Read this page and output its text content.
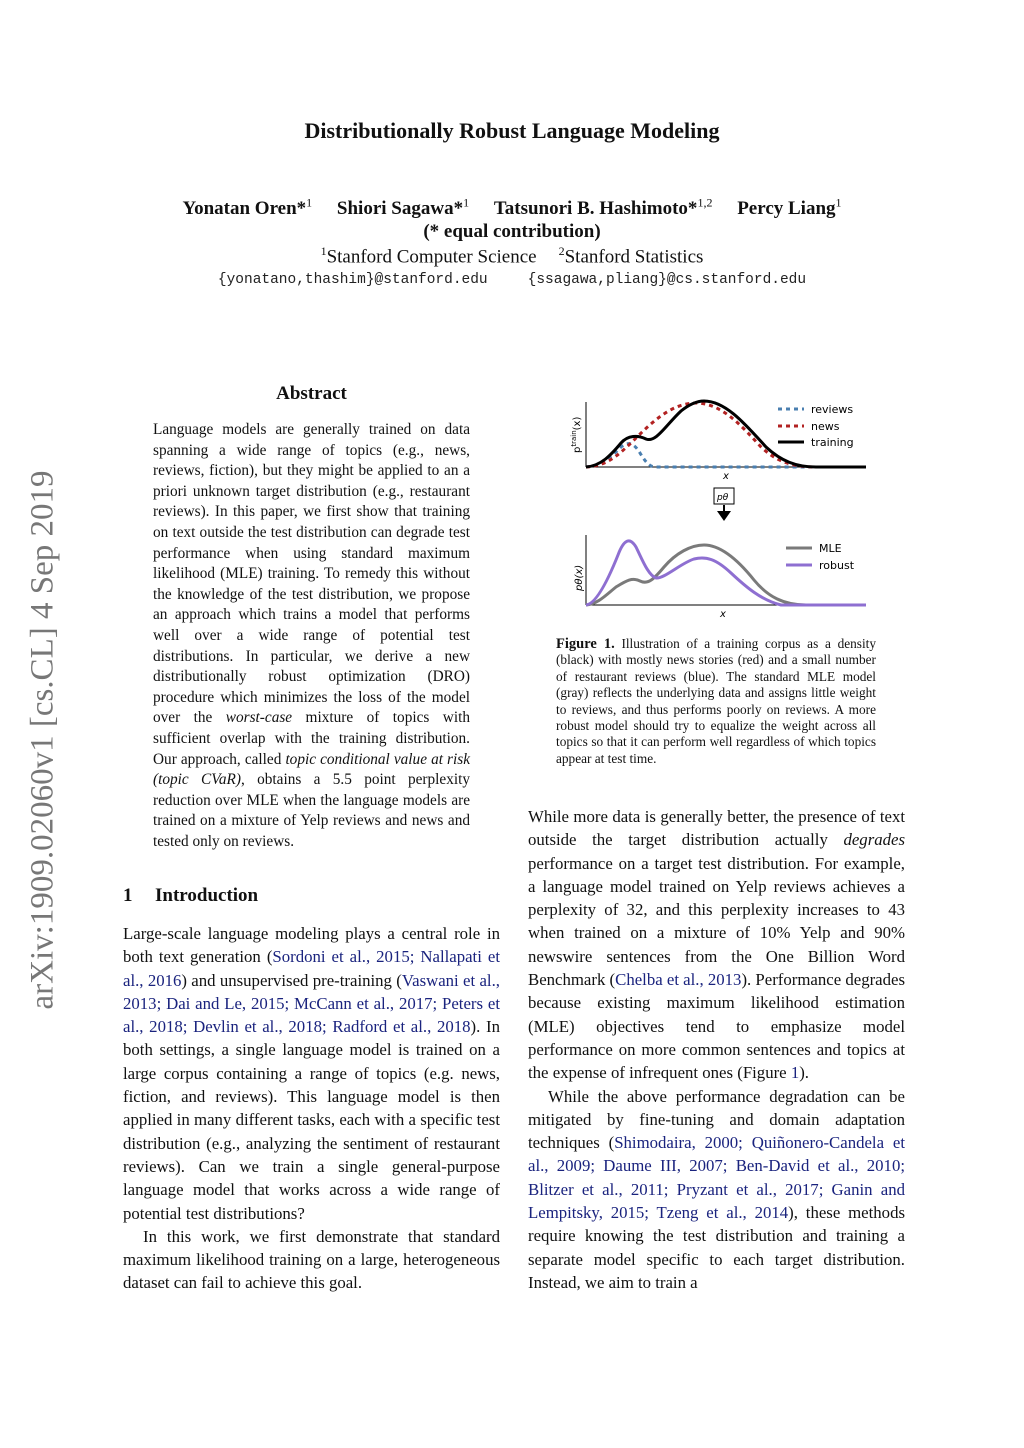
Distributionally Robust Language Modeling
Yonatan Oren*$^1$ Shiori Sagawa*$^1$ Tatsunori B. Hashimoto*$^{1,2}$ Percy Liang$^1$
(* equal contribution)
$^1$Stanford Computer Science $^2$Stanford Statistics
{yonatano,thashim}@stanford.edu	{ssagawa,pliang}@cs.stanford.edu
arXiv:1909.02060v1 [cs.CL] 4 Sep 2019
Abstract
Language models are generally trained on data spanning a wide range of topics (e.g., news, reviews, fiction), but they might be applied to an a priori unknown target distribution (e.g., restaurant reviews). In this paper, we first show that training on text outside the test distribution can degrade test performance when using standard maximum likelihood (MLE) training. To remedy this without the knowledge of the test distribution, we propose an approach which trains a model that performs well over a wide range of potential test distributions. In particular, we derive a new distributionally robust optimization (DRO) procedure which minimizes the loss of the model over the worst-case mixture of topics with sufficient overlap with the training distribution. Our approach, called topic conditional value at risk (topic CVaR), obtains a 5.5 point perplexity reduction over MLE when the language models are trained on a mixture of Yelp reviews and news and tested only on reviews.
1 Introduction

Large-scale language modeling plays a central role in both text generation (Sordoni et al., 2015; Nallapati et al., 2016) and unsupervised pre-training (Vaswani et al., 2013; Dai and Le, 2015; McCann et al., 2017; Peters et al., 2018; Devlin et al., 2018; Radford et al., 2018). In both settings, a single language model is trained on a large corpus containing a range of topics (e.g. news, fiction, and reviews). This language model is then applied in many different tasks, each with a specific test distribution (e.g., analyzing the sentiment of restaurant reviews). Can we train a single general-purpose language model that works across a wide range of potential test distributions?

In this work, we first demonstrate that standard maximum likelihood training on a large, heterogeneous dataset can fail to achieve this goal.

$p^{train}(x)$
x
reviews
news
training
pθ
pθ(x)
x
MLE
robust
Figure 1. Illustration of a training corpus as a density (black) with mostly news stories (red) and a small number of restaurant reviews (blue). The standard MLE model (gray) reflects the underlying data and assigns little weight to reviews, and thus performs poorly on reviews. A more robust model should try to equalize the weight across all topics so that it can perform well regardless of which topics appear at test time.

While more data is generally better, the presence of text outside the target distribution actually degrades performance on a target test distribution. For example, a language model trained on Yelp reviews achieves a perplexity of 32, and this perplexity increases to 43 when trained on a mixture of 10% Yelp and 90% newswire sentences from the One Billion Word Benchmark (Chelba et al., 2013). Performance degrades because existing maximum likelihood estimation (MLE) objectives tend to emphasize model performance on more common sentences and topics at the expense of infrequent ones (Figure 1).

While the above performance degradation can be mitigated by fine-tuning and domain adaptation techniques (Shimodaira, 2000; Quiñonero-Candela et al., 2009; Daume III, 2007; Ben-David et al., 2010; Blitzer et al., 2011; Pryzant et al., 2017; Ganin and Lempitsky, 2015; Tzeng et al., 2014), these methods require knowing the test distribution and training a separate model specific to each target distribution. Instead, we aim to train a
